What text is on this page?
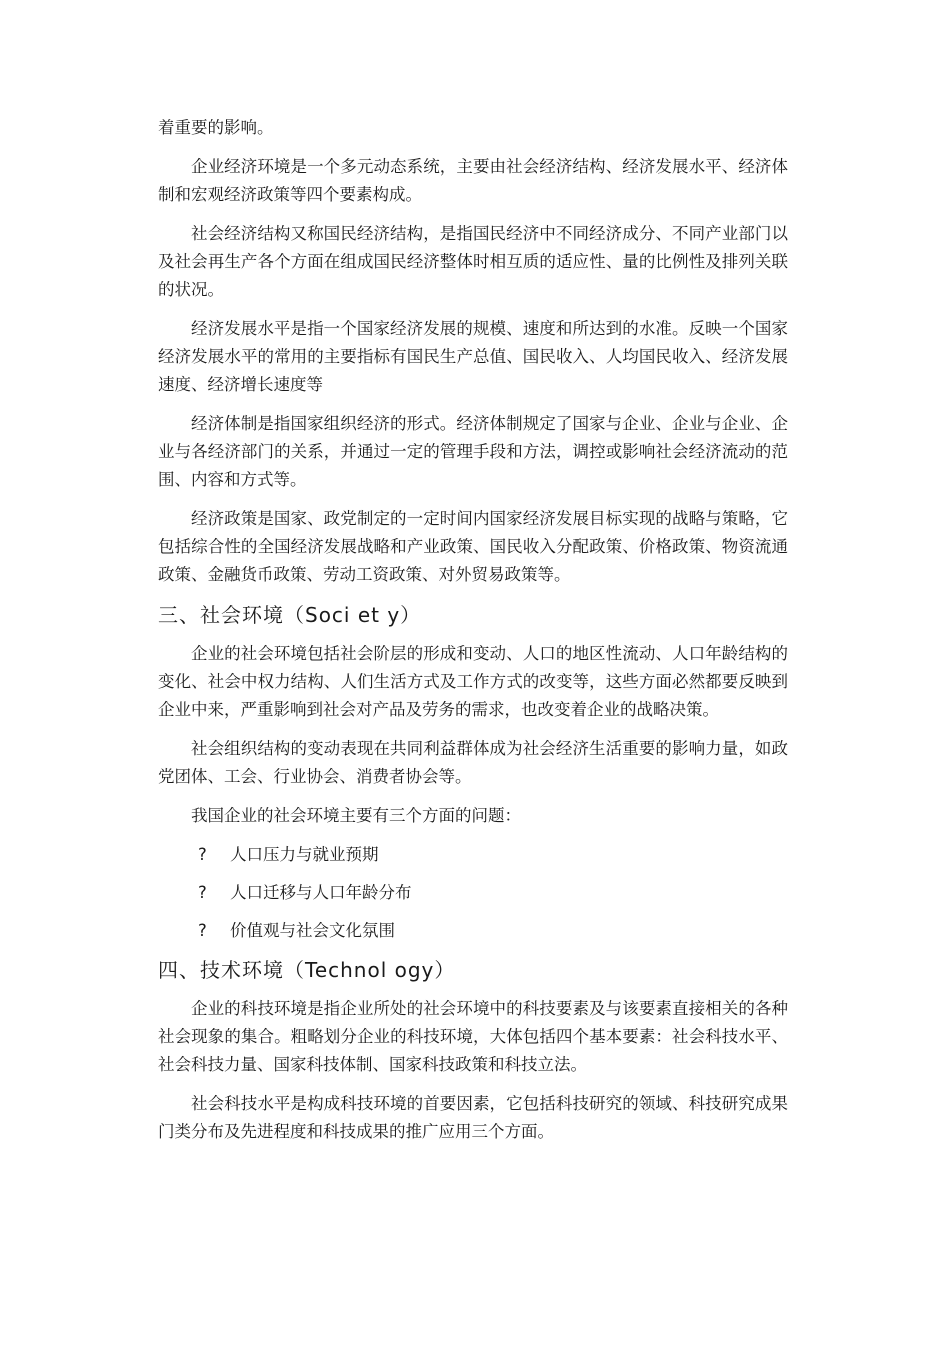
着重要的影响。

企业经济环境是一个多元动态系统，主要由社会经济结构、经济发展水平、经济体制和宏观经济政策等四个要素构成。

社会经济结构又称国民经济结构，是指国民经济中不同经济成分、不同产业部门以及社会再生产各个方面在组成国民经济整体时相互质的适应性、量的比例性及排列关联的状况。

经济发展水平是指一个国家经济发展的规模、速度和所达到的水准。反映一个国家经济发展水平的常用的主要指标有国民生产总值、国民收入、人均国民收入、经济发展速度、经济增长速度等

经济体制是指国家组织经济的形式。经济体制规定了国家与企业、企业与企业、企业与各经济部门的关系，并通过一定的管理手段和方法，调控或影响社会经济流动的范围、内容和方式等。

经济政策是国家、政党制定的一定时间内国家经济发展目标实现的战略与策略，它包括综合性的全国经济发展战略和产业政策、国民收入分配政策、价格政策、物资流通政策、金融货币政策、劳动工资政策、对外贸易政策等。

三、社会环境（Soci et y）

企业的社会环境包括社会阶层的形成和变动、人口的地区性流动、人口年龄结构的变化、社会中权力结构、人们生活方式及工作方式的改变等，这些方面必然都要反映到企业中来，严重影响到社会对产品及劳务的需求，也改变着企业的战略决策。

社会组织结构的变动表现在共同利益群体成为社会经济生活重要的影响力量，如政党团体、工会、行业协会、消费者协会等。

我国企业的社会环境主要有三个方面的问题：

?	人口压力与就业预期
?	人口迁移与人口年龄分布
?	价值观与社会文化氛围
四、技术环境（Technol ogy）

企业的科技环境是指企业所处的社会环境中的科技要素及与该要素直接相关的各种社会现象的集合。粗略划分企业的科技环境，大体包括四个基本要素：社会科技水平、社会科技力量、国家科技体制、国家科技政策和科技立法。

社会科技水平是构成科技环境的首要因素，它包括科技研究的领域、科技研究成果门类分布及先进程度和科技成果的推广应用三个方面。
